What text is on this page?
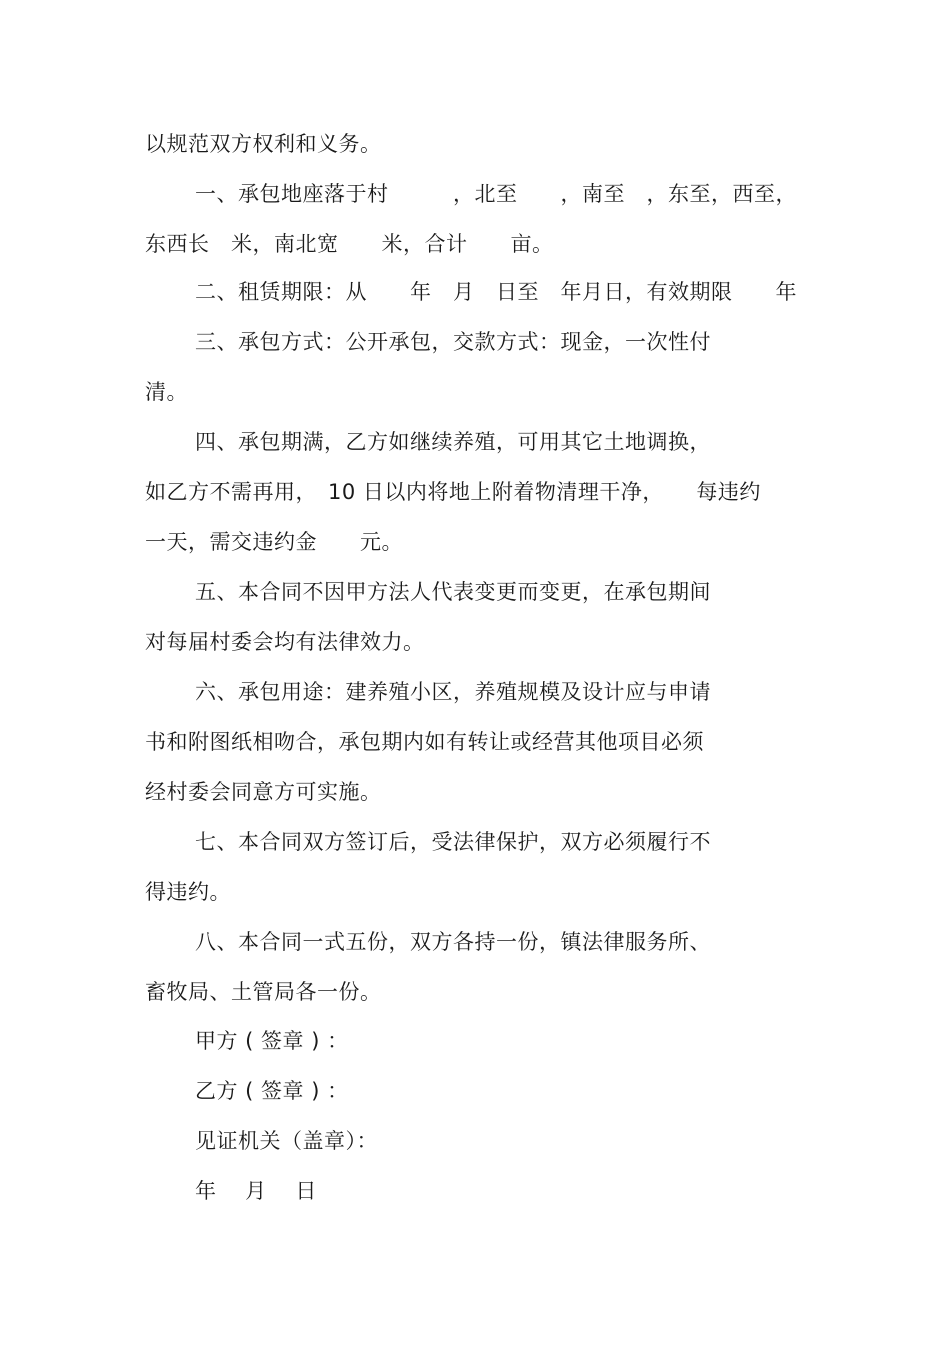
以规范双方权利和义务。
一、承包地座落于村　　　，北至　　，南至　，东至，西至，
东西长　米，南北宽　　米，合计　　亩。
二、租赁期限：从　　年　月　日至　年月日，有效期限　　年
三、承包方式：公开承包，交款方式：现金，一次性付
清。
四、承包期满，乙方如继续养殖，可用其它土地调换，
如乙方不需再用，　10 日以内将地上附着物清理干净，　　每违约
一天，需交违约金　　元。
五、本合同不因甲方法人代表变更而变更，在承包期间
对每届村委会均有法律效力。
六、承包用途：建养殖小区，养殖规模及设计应与申请
书和附图纸相吻合，承包期内如有转让或经营其他项目必须
经村委会同意方可实施。
七、本合同双方签订后，受法律保护，双方必须履行不
得违约。
八、本合同一式五份，双方各持一份，镇法律服务所、
畜牧局、土管局各一份。
甲方 ( 签章 ) ：
乙方 ( 签章 ) ：
见证机关（盖章）：
年　 月　 日
